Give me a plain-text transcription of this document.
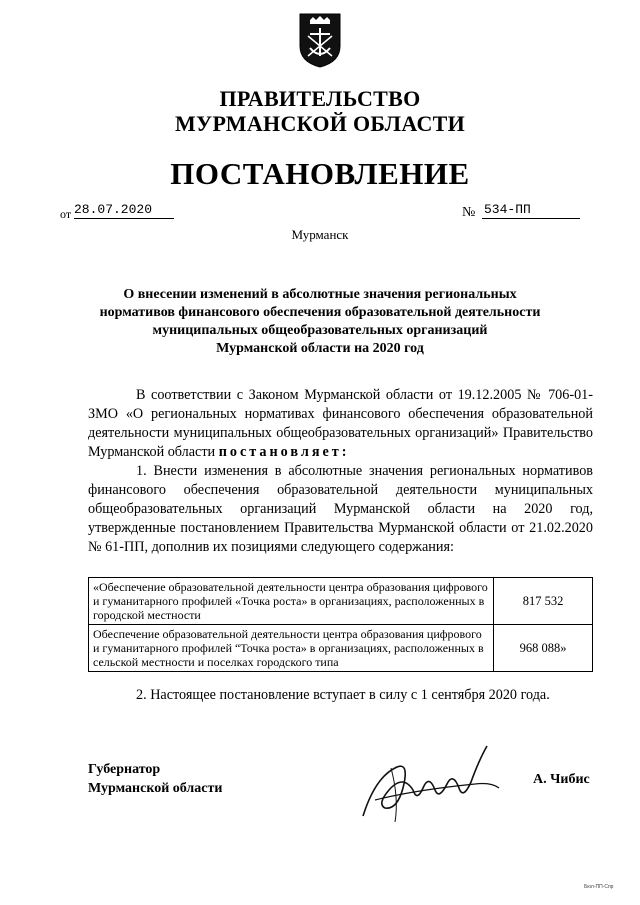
ПРАВИТЕЛЬСТВО
МУРМАНСКОЙ ОБЛАСТИ
ПОСТАНОВЛЕНИЕ
от 28.07.2020	№ 534-ПП
Мурманск
О внесении изменений в абсолютные значения региональных
нормативов финансового обеспечения образовательной деятельности
муниципальных общеобразовательных организаций
Мурманской области на 2020 год

В соответствии с Законом Мурманской области от 19.12.2005 № 706-01-ЗМО «О региональных нормативах финансового обеспечения образовательной деятельности муниципальных общеобразовательных организаций» Правительство Мурманской области постановляет:

1. Внести изменения в абсолютные значения региональных нормативов финансового обеспечения образовательной деятельности муниципальных общеобразовательных организаций Мурманской области на 2020 год, утвержденные постановлением Правительства Мурманской области от 21.02.2020 № 61-ПП, дополнив их позициями следующего содержания:

«Обеспечение образовательной деятельности центра образования цифрового и гуманитарного профилей «Точка роста» в организациях, расположенных в городской местности	817 532
Обеспечение образовательной деятельности центра образования цифрового и гуманитарного профилей “Точка роста» в организациях, расположенных в сельской местности и поселках городского типа	968 088»
2. Настоящее постановление вступает в силу с 1 сентября 2020 года.
Губернатор
Мурманской области
А. Чибис
Бюл-ПП-Спр
